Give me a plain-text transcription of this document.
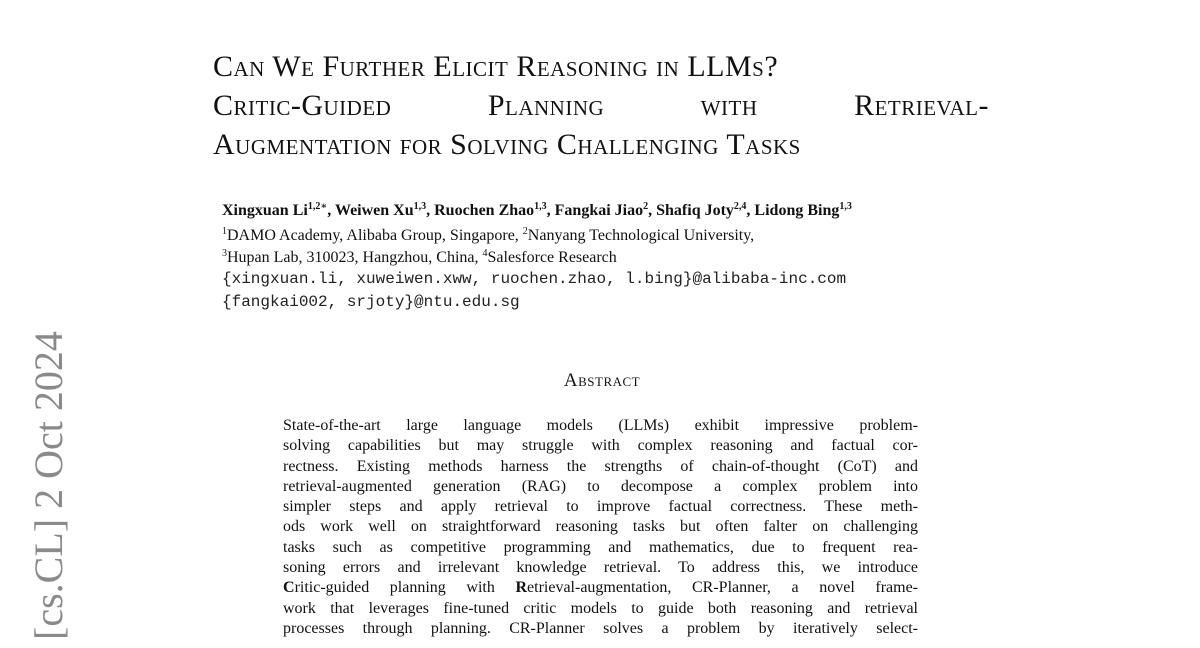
[cs.CL] 2 Oct 2024
Can We Further Elicit Reasoning in LLMs?
Critic-Guided	Planning	with	Retrieval-
Augmentation for Solving Challenging Tasks
Xingxuan $Li^{1,2∗}$, Weiwen Xu$^{1,3}$, Ruochen Zhao$^{1,3}$, Fangkai Jiao$^2$, Shafiq Joty$^{2,4}$, Lidong Bing$^{1,3}$
$^1$DAMO Academy, Alibaba Group, Singapore, $^2$Nanyang Technological University,
$^3$Hupan Lab, 310023, Hangzhou, China, $^4$Salesforce Research
{xingxuan.li, xuweiwen.xww, ruochen.zhao, l.bing}@alibaba-inc.com
{fangkai002, srjoty}@ntu.edu.sg
Abstract
State-of-the-art large language models (LLMs) exhibit impressive problem-
solving capabilities but may struggle with complex reasoning and factual cor-
rectness. Existing methods harness the strengths of chain-of-thought (CoT) and
retrieval-augmented generation (RAG) to decompose a complex problem into
simpler steps and apply retrieval to improve factual correctness. These meth-
ods work well on straightforward reasoning tasks but often falter on challenging
tasks such as competitive programming and mathematics, due to frequent rea-
soning errors and irrelevant knowledge retrieval. To address this, we introduce
Critic-guided planning with Retrieval-augmentation, CR-Planner, a novel frame-
work that leverages fine-tuned critic models to guide both reasoning and retrieval
processes through planning. CR-Planner solves a problem by iteratively select-
